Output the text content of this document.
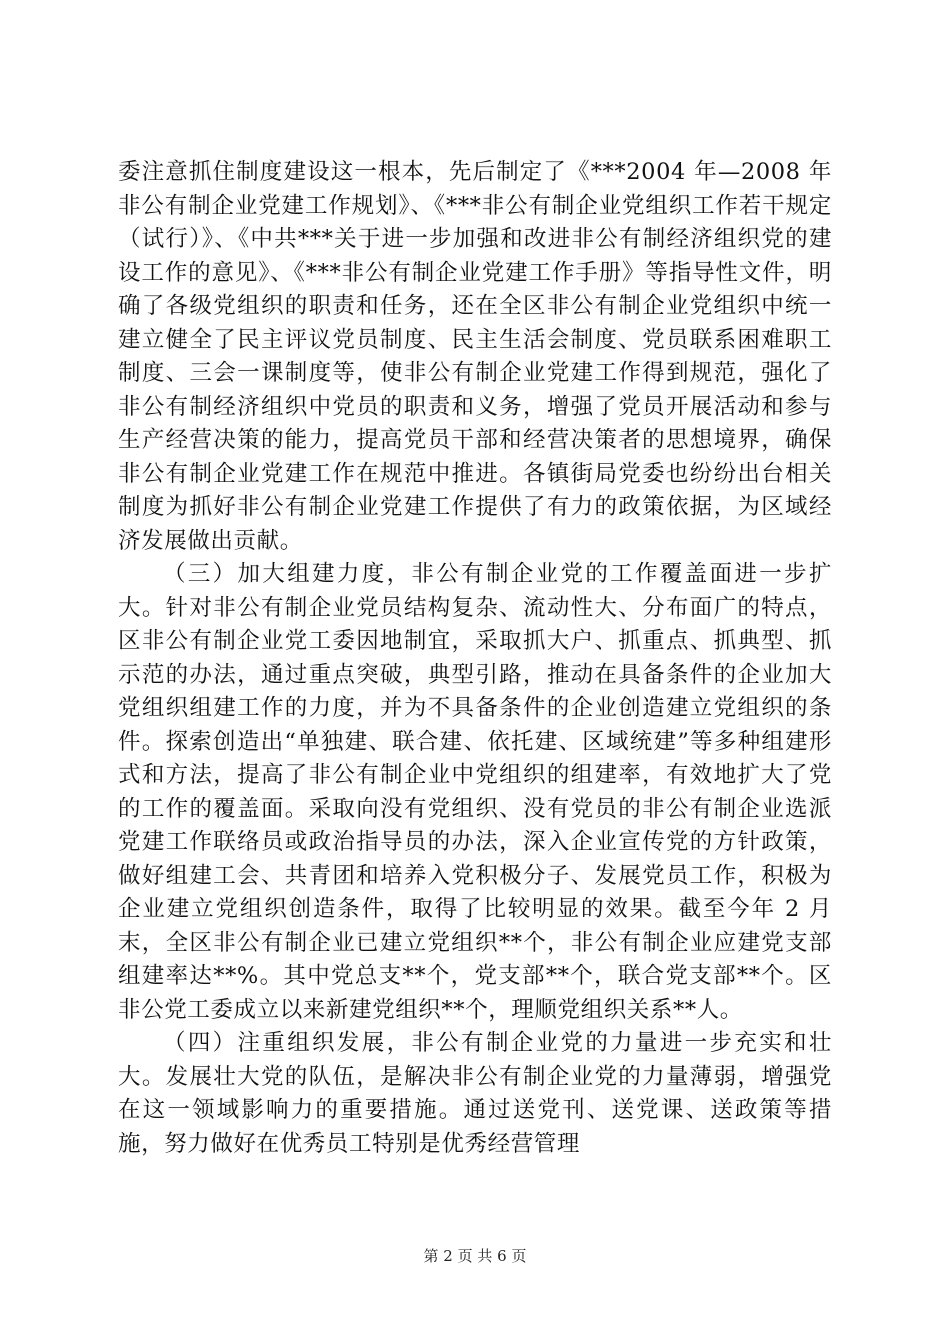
委注意抓住制度建设这一根本，先后制定了《***2004 年—2008 年非公有制企业党建工作规划》、《***非公有制企业党组织工作若干规定（试行）》、《中共***关于进一步加强和改进非公有制经济组织党的建设工作的意见》、《***非公有制企业党建工作手册》等指导性文件，明确了各级党组织的职责和任务，还在全区非公有制企业党组织中统一建立健全了民主评议党员制度、民主生活会制度、党员联系困难职工制度、三会一课制度等，使非公有制企业党建工作得到规范，强化了非公有制经济组织中党员的职责和义务，增强了党员开展活动和参与生产经营决策的能力，提高党员干部和经营决策者的思想境界，确保非公有制企业党建工作在规范中推进。各镇街局党委也纷纷出台相关制度为抓好非公有制企业党建工作提供了有力的政策依据，为区域经济发展做出贡献。

（三）加大组建力度，非公有制企业党的工作覆盖面进一步扩大。针对非公有制企业党员结构复杂、流动性大、分布面广的特点，区非公有制企业党工委因地制宜，采取抓大户、抓重点、抓典型、抓示范的办法，通过重点突破，典型引路，推动在具备条件的企业加大党组织组建工作的力度，并为不具备条件的企业创造建立党组织的条件。探索创造出“单独建、联合建、依托建、区域统建”等多种组建形式和方法，提高了非公有制企业中党组织的组建率，有效地扩大了党的工作的覆盖面。采取向没有党组织、没有党员的非公有制企业选派党建工作联络员或政治指导员的办法，深入企业宣传党的方针政策，做好组建工会、共青团和培养入党积极分子、发展党员工作，积极为企业建立党组织创造条件，取得了比较明显的效果。截至今年 2 月末，全区非公有制企业已建立党组织**个，非公有制企业应建党支部组建率达**%。其中党总支**个，党支部**个，联合党支部**个。区非公党工委成立以来新建党组织**个，理顺党组织关系**人。

（四）注重组织发展，非公有制企业党的力量进一步充实和壮大。发展壮大党的队伍，是解决非公有制企业党的力量薄弱，增强党在这一领域影响力的重要措施。通过送党刊、送党课、送政策等措施，努力做好在优秀员工特别是优秀经营管理

第 2 页 共 6 页
